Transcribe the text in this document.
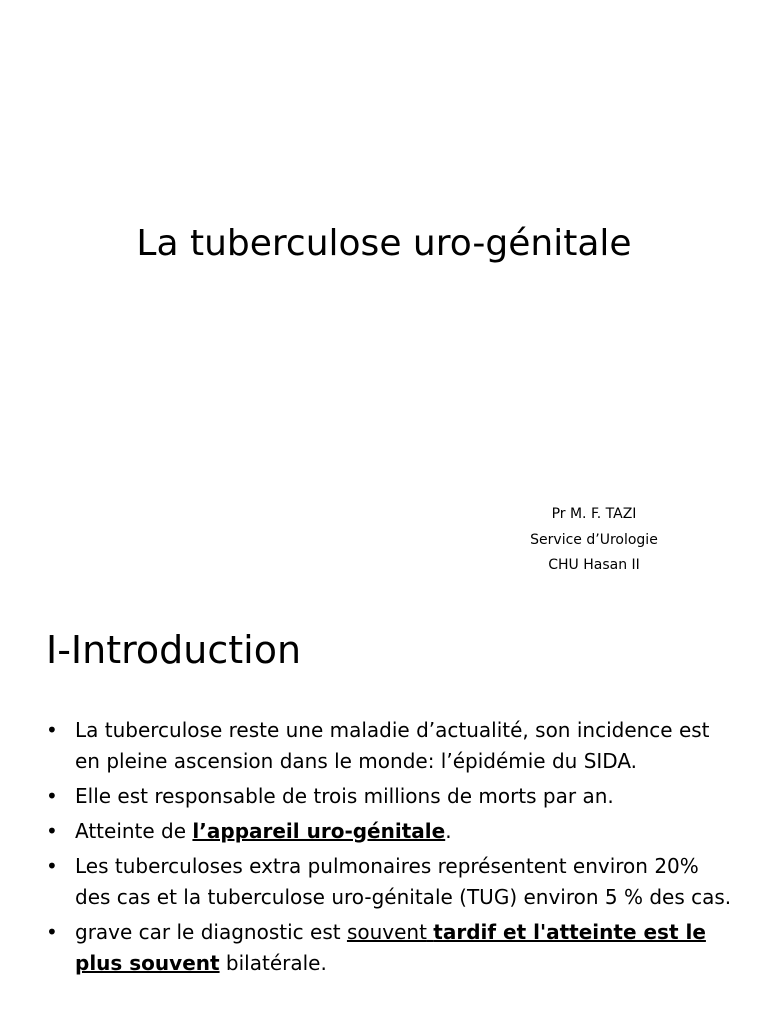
La tuberculose uro-génitale
Pr M. F. TAZI
Service d’Urologie
CHU Hasan II
I-Introduction
• La tuberculose reste une maladie d’actualité, son incidence est en pleine ascension dans le monde: l’épidémie du SIDA.
• Elle est responsable de trois millions de morts par an.
• Atteinte de l’appareil uro-génitale.
• Les tuberculoses extra pulmonaires représentent environ 20% des cas et la tuberculose uro-génitale (TUG) environ 5 % des cas.
• grave car le diagnostic est souvent tardif et l'atteinte est le plus souvent bilatérale.
